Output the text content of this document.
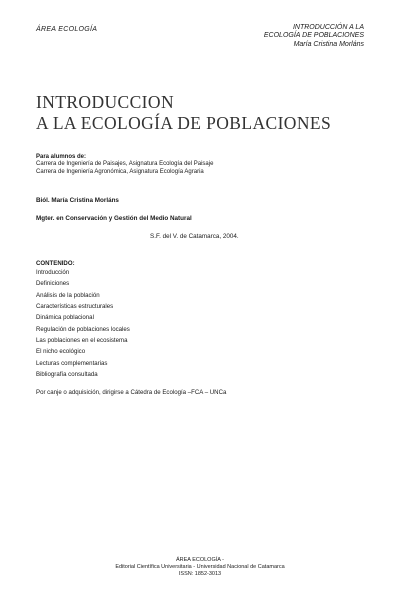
ÁREA ECOLOGÍA	INTRODUCCIÓN A LA
ECOLOGÍA DE POBLACIONES
María Cristina Morláns
INTRODUCCION
A LA ECOLOGÍA DE POBLACIONES
Para alumnos de:
Carrera de Ingeniería de Paisajes, Asignatura Ecología del Paisaje
Carrera de Ingeniería Agronómica, Asignatura Ecología Agraria
Biól. María Cristina Morláns
Mgter. en Conservación y Gestión del Medio Natural
S.F. del V. de Catamarca, 2004.
CONTENIDO:
Introducción
Definiciones
Análisis de la población
Características estructurales
Dinámica poblacional
Regulación de poblaciones locales
Las poblaciones en el ecosistema
El nicho ecológico
Lecturas complementarias
Bibliografía consultada
Por canje o adquisición, dirigirse a Cátedra de Ecología –FCA – UNCa
ÁREA ECOLOGÍA -
Editorial Científica Universitaria - Universidad Nacional de Catamarca
ISSN: 1852-3013
